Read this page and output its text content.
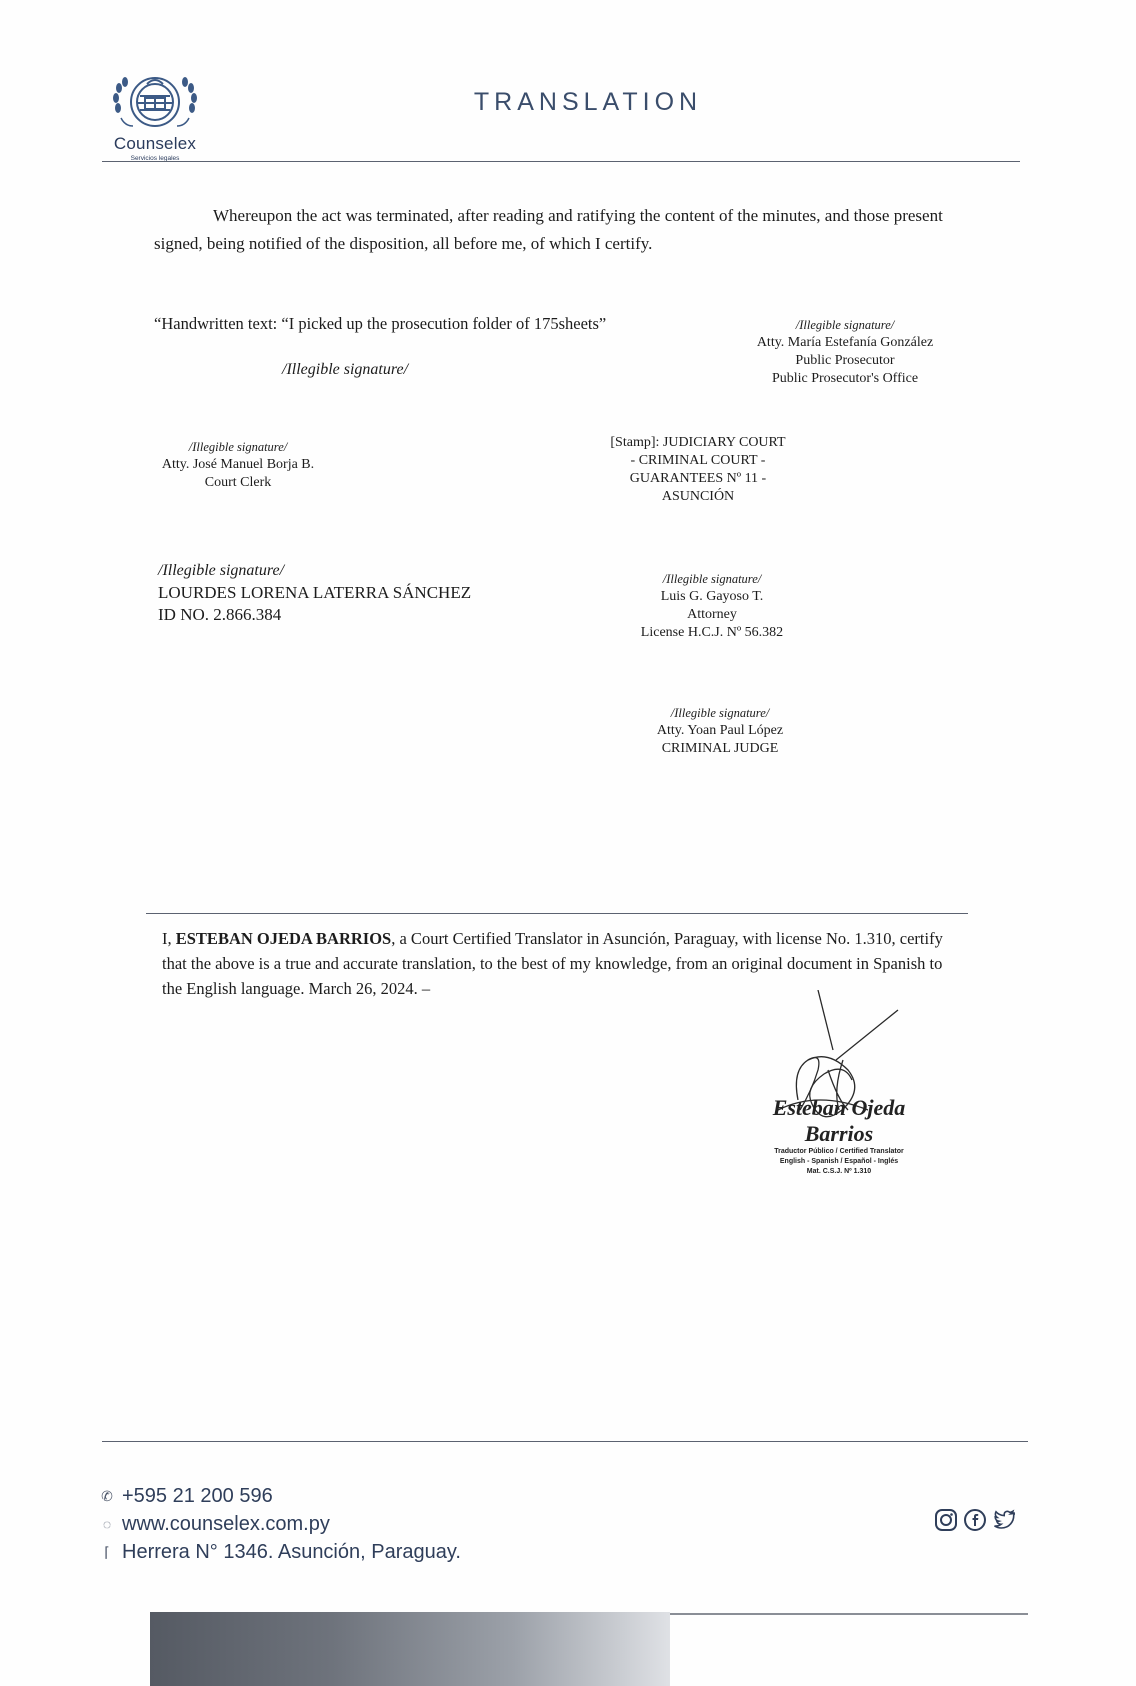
Counselex
Servicios legales
TRANSLATION
Whereupon the act was terminated, after reading and ratifying the content of the minutes, and those present signed, being notified of the disposition, all before me, of which I certify.
“Handwritten text: “I picked up the prosecution folder of 175sheets”
/Illegible signature/
/Illegible signature/
Atty. María Estefanía González
Public Prosecutor
Public Prosecutor's Office
/Illegible signature/
Atty. José Manuel Borja B.
Court Clerk
[Stamp]: JUDICIARY COURT
- CRIMINAL COURT -
GUARANTEES Nº 11 -
ASUNCIÓN
/Illegible signature/
LOURDES LORENA LATERRA SÁNCHEZ
ID NO. 2.866.384
/Illegible signature/
Luis G. Gayoso T.
Attorney
License H.C.J. Nº 56.382
/Illegible signature/
Atty. Yoan Paul López
CRIMINAL JUDGE
I, ESTEBAN OJEDA BARRIOS, a Court Certified Translator in Asunción, Paraguay, with license No. 1.310, certify that the above is a true and accurate translation, to the best of my knowledge, from an original document in Spanish to the English language. March 26, 2024. –
Esteban Ojeda Barrios
Traductor Público / Certified Translator
English - Spanish / Español - Inglés
Mat. C.S.J. Nº 1.310
✆ +595 21 200 596
◌ www.counselex.com.py
⌈ Herrera N° 1346. Asunción, Paraguay.
